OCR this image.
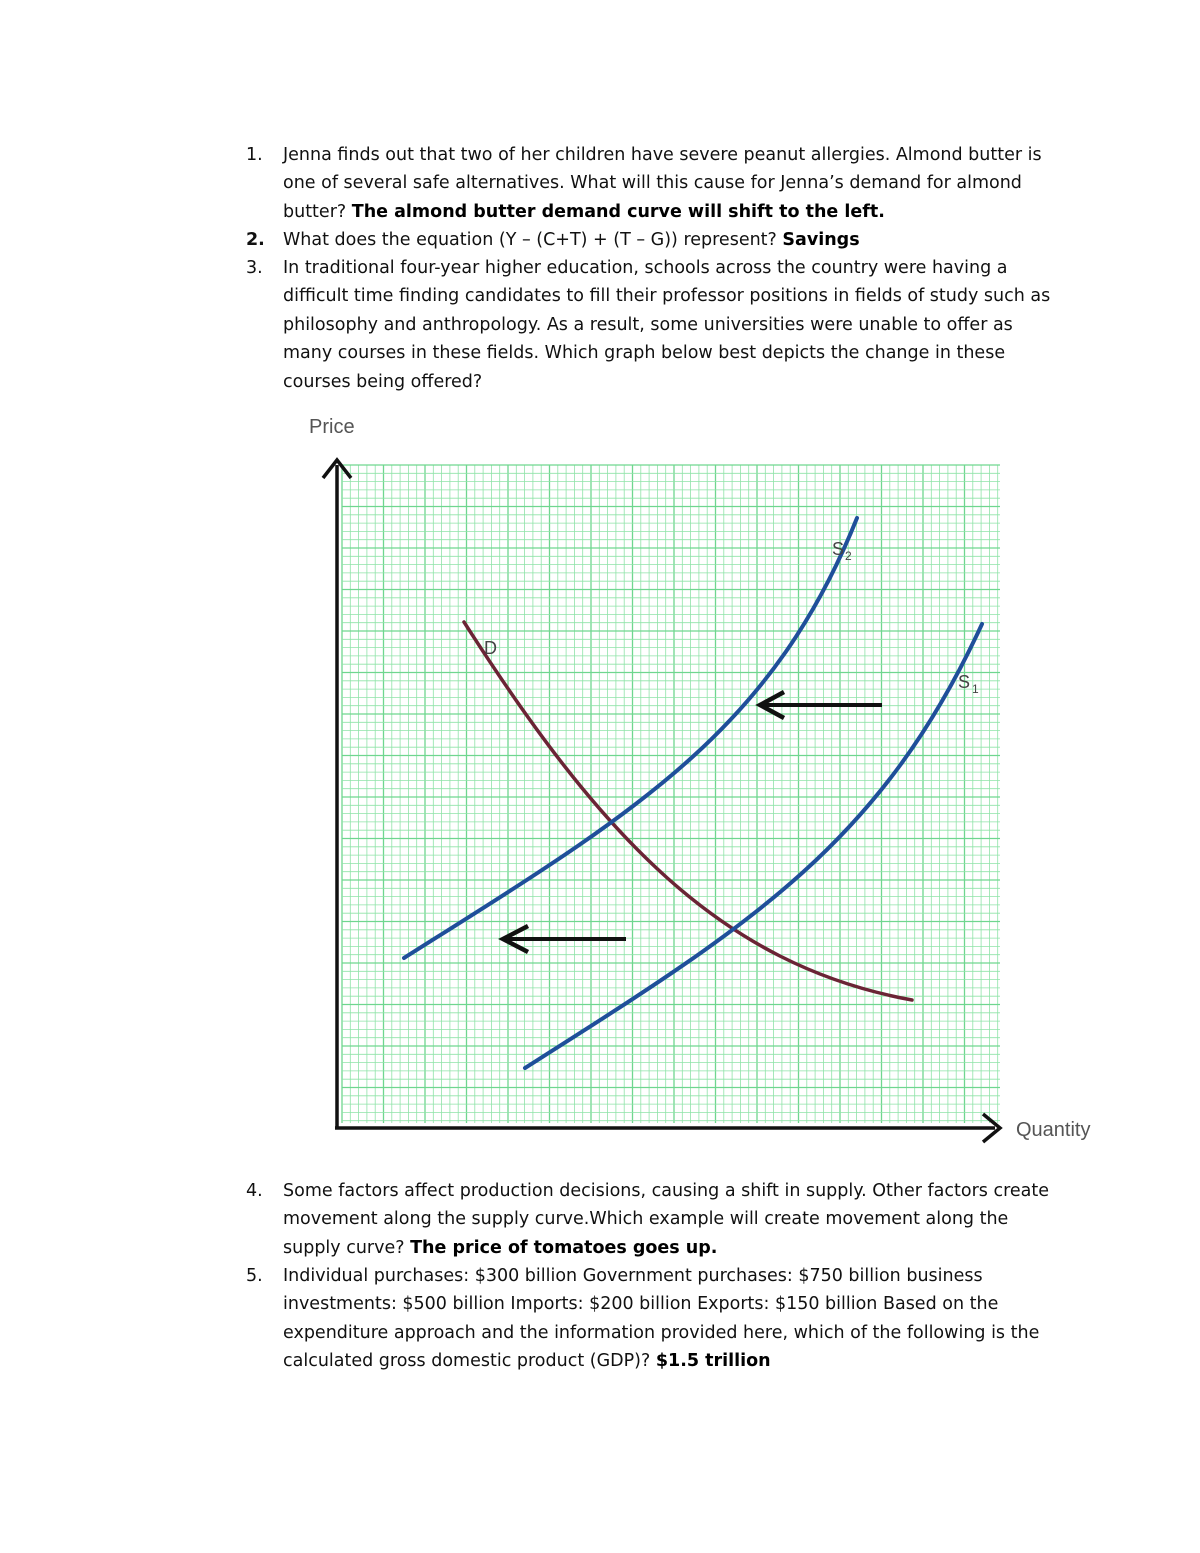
1.	Jenna finds out that two of her children have severe peanut allergies. Almond butter is one of several safe alternatives. What will this cause for Jenna’s demand for almond butter? The almond butter demand curve will shift to the left.
2.	What does the equation (Y – (C+T) + (T – G)) represent? Savings
3.	In traditional four-year higher education, schools across the country were having a difficult time finding candidates to fill their professor positions in fields of study such as philosophy and anthropology. As a result, some universities were unable to offer as many courses in these fields. Which graph below best depicts the change in these courses being offered?
Price
Quantity
D
S 2
S 1
4.	Some factors affect production decisions, causing a shift in supply. Other factors create movement along the supply curve.Which example will create movement along the supply curve? The price of tomatoes goes up.
5.	Individual purchases: $300 billion Government purchases: $750 billion business investments: $500 billion Imports: $200 billion Exports: $150 billion Based on the expenditure approach and the information provided here, which of the following is the calculated gross domestic product (GDP)? $1.5 trillion
